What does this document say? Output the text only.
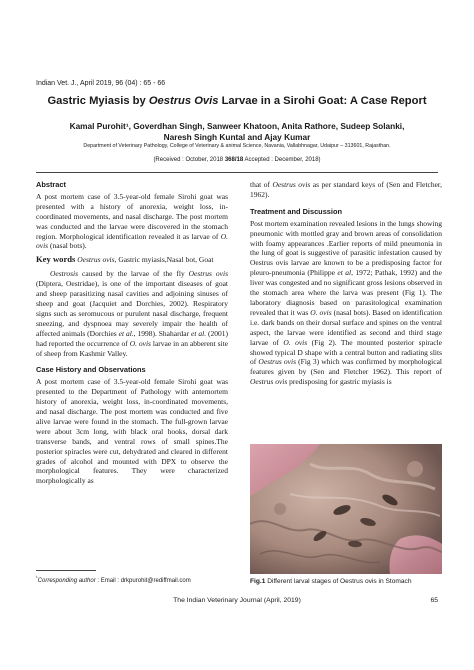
Indian Vet. J., April 2019, 96 (04) : 65 - 66
Gastric Myiasis by Oestrus Ovis Larvae in a Sirohi Goat: A Case Report
Kamal Purohit¹, Goverdhan Singh, Sanweer Khatoon, Anita Rathore, Sudeep Solanki,
Naresh Singh Kuntal and Ajay Kumar
Department of Veterinary Pathology, College of Veterinary & animal Science, Navania, Vallabhnagar, Udaipur – 313601, Rajasthan.
(Received : October, 2018 368/18 Accepted : December, 2018)
Abstract

A post mortem case of 3.5-year-old female Sirohi goat was presented with a history of anorexia, weight loss, in-coordinated movements, and nasal discharge. The post mortem was conducted and the larvae were discovered in the stomach region. Morphological identification revealed it as larvae of O. ovis (nasal bots).

Key words Oestrus ovis, Gastric myiasis,Nasal bot, Goat

Oestrosis caused by the larvae of the fly Oestrus ovis (Diptera, Oestridae), is one of the important diseases of goat and sheep parasitizing nasal cavities and adjoining sinuses of sheep and goat (Jacquiet and Dorchies, 2002). Respiratory signs such as seromucous or purulent nasal discharge, frequent sneezing, and dyspnoea may severely impair the health of affected animals (Dorchies et al., 1998). Shahardar et al. (2001) had reported the occurrence of O. ovis larvae in an abberent site of sheep from Kashmir Valley.

Case History and Observations

A post mortem case of 3.5-year-old female Sirohi goat was presented to the Department of Pathology with antemortem history of anorexia, weight loss, in-coordinated movements, and nasal discharge. The post mortem was conducted and five alive larvae were found in the stomach. The full-grown larvae were about 3cm long, with black oral hooks, dorsal dark transverse bands, and ventral rows of small spines.The posterior spiracles were cut, dehydrated and cleared in different grades of alcohol and mounted with DPX to observe the morphological features. They were characterized morphologically as

that of Oestrus ovis as per standard keys of (Sen and Fletcher, 1962).

Treatment and Discussion

Post mortem examination revealed lesions in the lungs showing pneumonic with mottled gray and brown areas of consolidation with foamy appearances .Earlier reports of mild pneumonia in the lung of goat is suggestive of parasitic infestation caused by Oestrus ovis larvae are known to be a predisposing factor for pleuro-pneumonia (Philippe et al, 1972; Pathak, 1992) and the liver was congested and no significant gross lesions observed in the stomach area where the larva was present (Fig 1). The laboratory diagnosis based on parasitological examination revealed that it was O. ovis (nasal bots). Based on identification i.e. dark bands on their dorsal surface and spines on the ventral aspect, the larvae were identified as second and third stage larvae of O. ovis (Fig 2). The mounted posterior spiracle showed typical D shape with a central button and radiating slits of Oestrus ovis (Fig 3) which was confirmed by morphological features given by (Sen and Fletcher 1962). This report of Oestrus ovis predisposing for gastric myiasis is

Fig.1 Different larval stages of Oestrus ovis in Stomach
$^{^1}$Corresponding author : Email : drkpurohit@rediffmail.com
The Indian Veterinary Journal (April, 2019)	65
